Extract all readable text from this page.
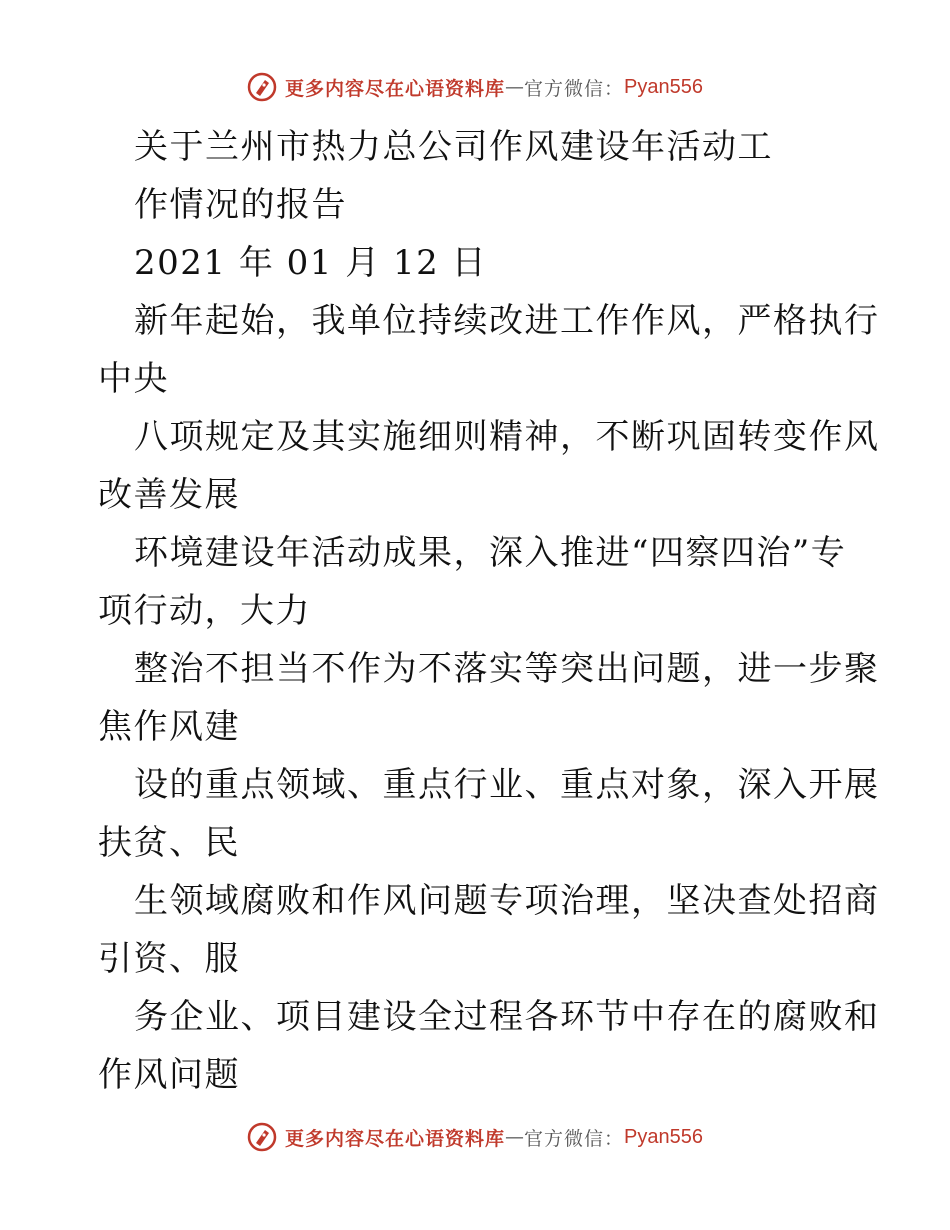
更多内容尽在心语资料库 — 官方微信： Pyan556
关于兰州市热力总公司作风建设年活动工
作情况的报告
2021 年 01 月 12 日
新年起始，我单位持续改进工作作风，严格执行
中央
八项规定及其实施细则精神，不断巩固转变作风
改善发展
环境建设年活动成果，深入推进“四察四治”专
项行动，大力
整治不担当不作为不落实等突出问题，进一步聚
焦作风建
设的重点领域、重点行业、重点对象，深入开展
扶贫、民
生领域腐败和作风问题专项治理，坚决查处招商
引资、服
务企业、项目建设全过程各环节中存在的腐败和
作风问题
更多内容尽在心语资料库 — 官方微信： Pyan556
